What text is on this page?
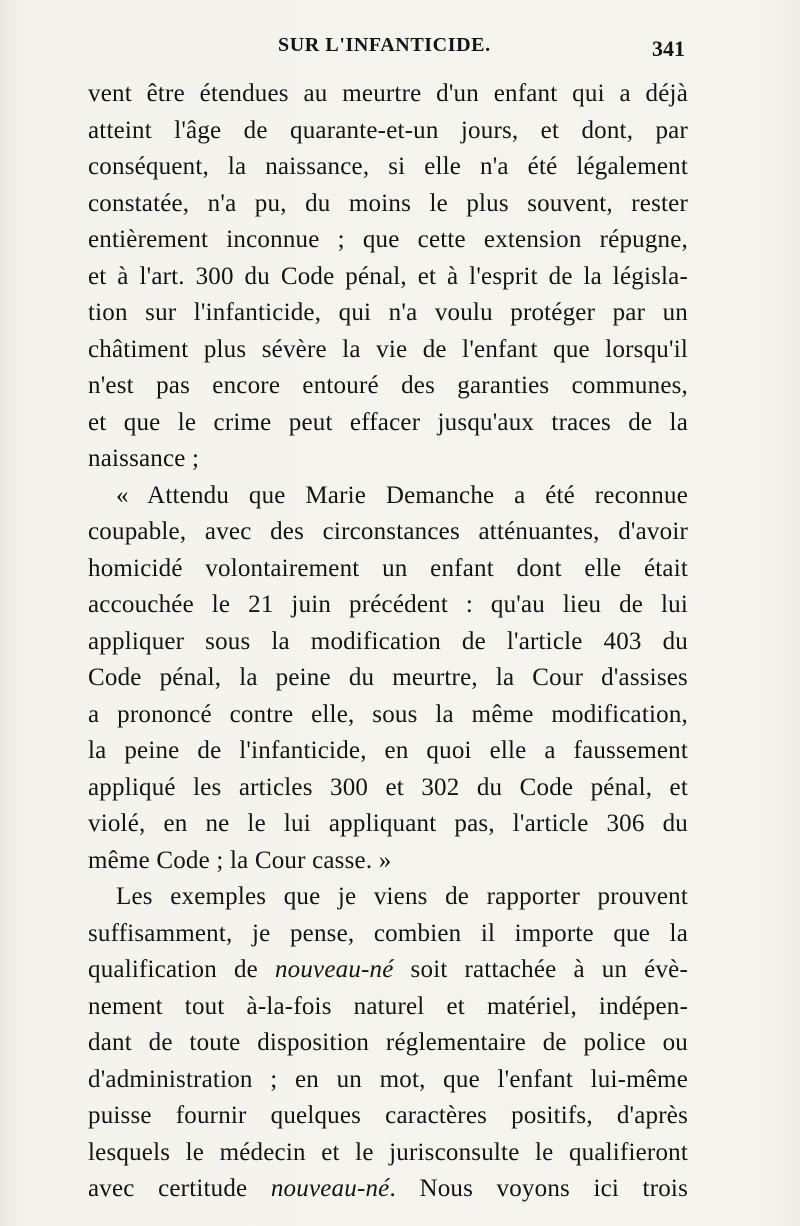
SUR L'INFANTICIDE.	341
vent être étendues au meurtre d'un enfant qui a déjà
atteint l'âge de quarante-et-un jours, et dont, par
conséquent, la naissance, si elle n'a été légalement
constatée, n'a pu, du moins le plus souvent, rester
entièrement inconnue ; que cette extension répugne,
et à l'art. 300 du Code pénal, et à l'esprit de la législa-
tion sur l'infanticide, qui n'a voulu protéger par un
châtiment plus sévère la vie de l'enfant que lorsqu'il
n'est pas encore entouré des garanties communes,
et que le crime peut effacer jusqu'aux traces de la
naissance ;
« Attendu que Marie Demanche a été reconnue
coupable, avec des circonstances atténuantes, d'avoir
homicidé volontairement un enfant dont elle était
accouchée le 21 juin précédent : qu'au lieu de lui
appliquer sous la modification de l'article 403 du
Code pénal, la peine du meurtre, la Cour d'assises
a prononcé contre elle, sous la même modification,
la peine de l'infanticide, en quoi elle a faussement
appliqué les articles 300 et 302 du Code pénal, et
violé, en ne le lui appliquant pas, l'article 306 du
même Code ; la Cour casse. »
Les exemples que je viens de rapporter prouvent
suffisamment, je pense, combien il importe que la
qualification de nouveau-né soit rattachée à un évè-
nement tout à-la-fois naturel et matériel, indépen-
dant de toute disposition réglementaire de police ou
d'administration ; en un mot, que l'enfant lui-même
puisse fournir quelques caractères positifs, d'après
lesquels le médecin et le jurisconsulte le qualifieront
avec certitude nouveau-né. Nous voyons ici trois
